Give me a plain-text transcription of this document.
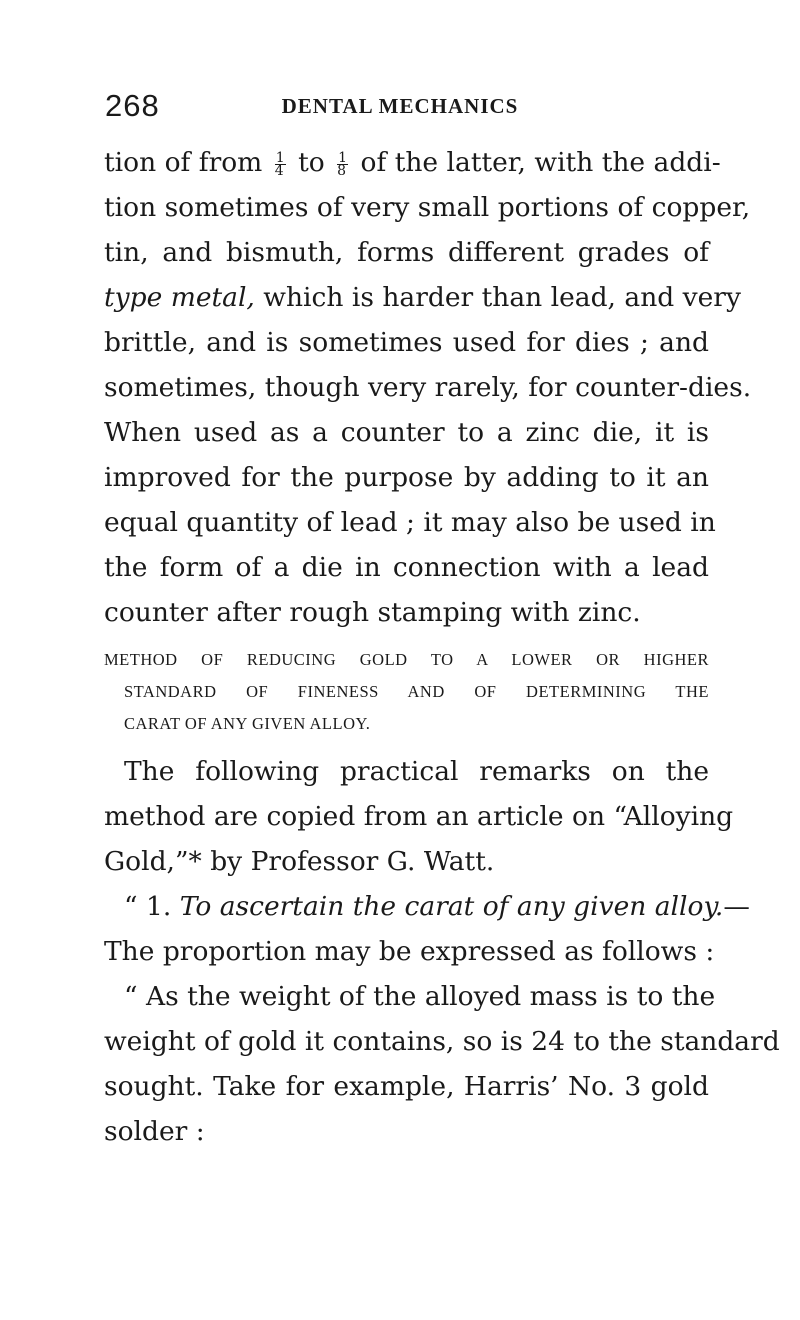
268	DENTAL MECHANICS
tion of from $\frac{1}{4}$ to $\frac{1}{8}$ of the latter, with the addi-
tion sometimes of very small portions of copper,
tin, and bismuth, forms different grades of
type metal, which is harder than lead, and very
brittle, and is sometimes used for dies ; and
sometimes, though very rarely, for counter-dies.
When used as a counter to a zinc die, it is
improved for the purpose by adding to it an
equal quantity of lead ; it may also be used in
the form of a die in connection with a lead
counter after rough stamping with zinc.
METHOD OF REDUCING GOLD TO A LOWER OR HIGHER
STANDARD OF FINENESS AND OF DETERMINING THE
CARAT OF ANY GIVEN ALLOY.
The following practical remarks on the
method are copied from an article on “Alloying
Gold,”* by Professor G. Watt.
“ 1. To ascertain the carat of any given alloy.—
The proportion may be expressed as follows :
“ As the weight of the alloyed mass is to the
weight of gold it contains, so is 24 to the standard
sought. Take for example, Harris’ No. 3 gold
solder :
